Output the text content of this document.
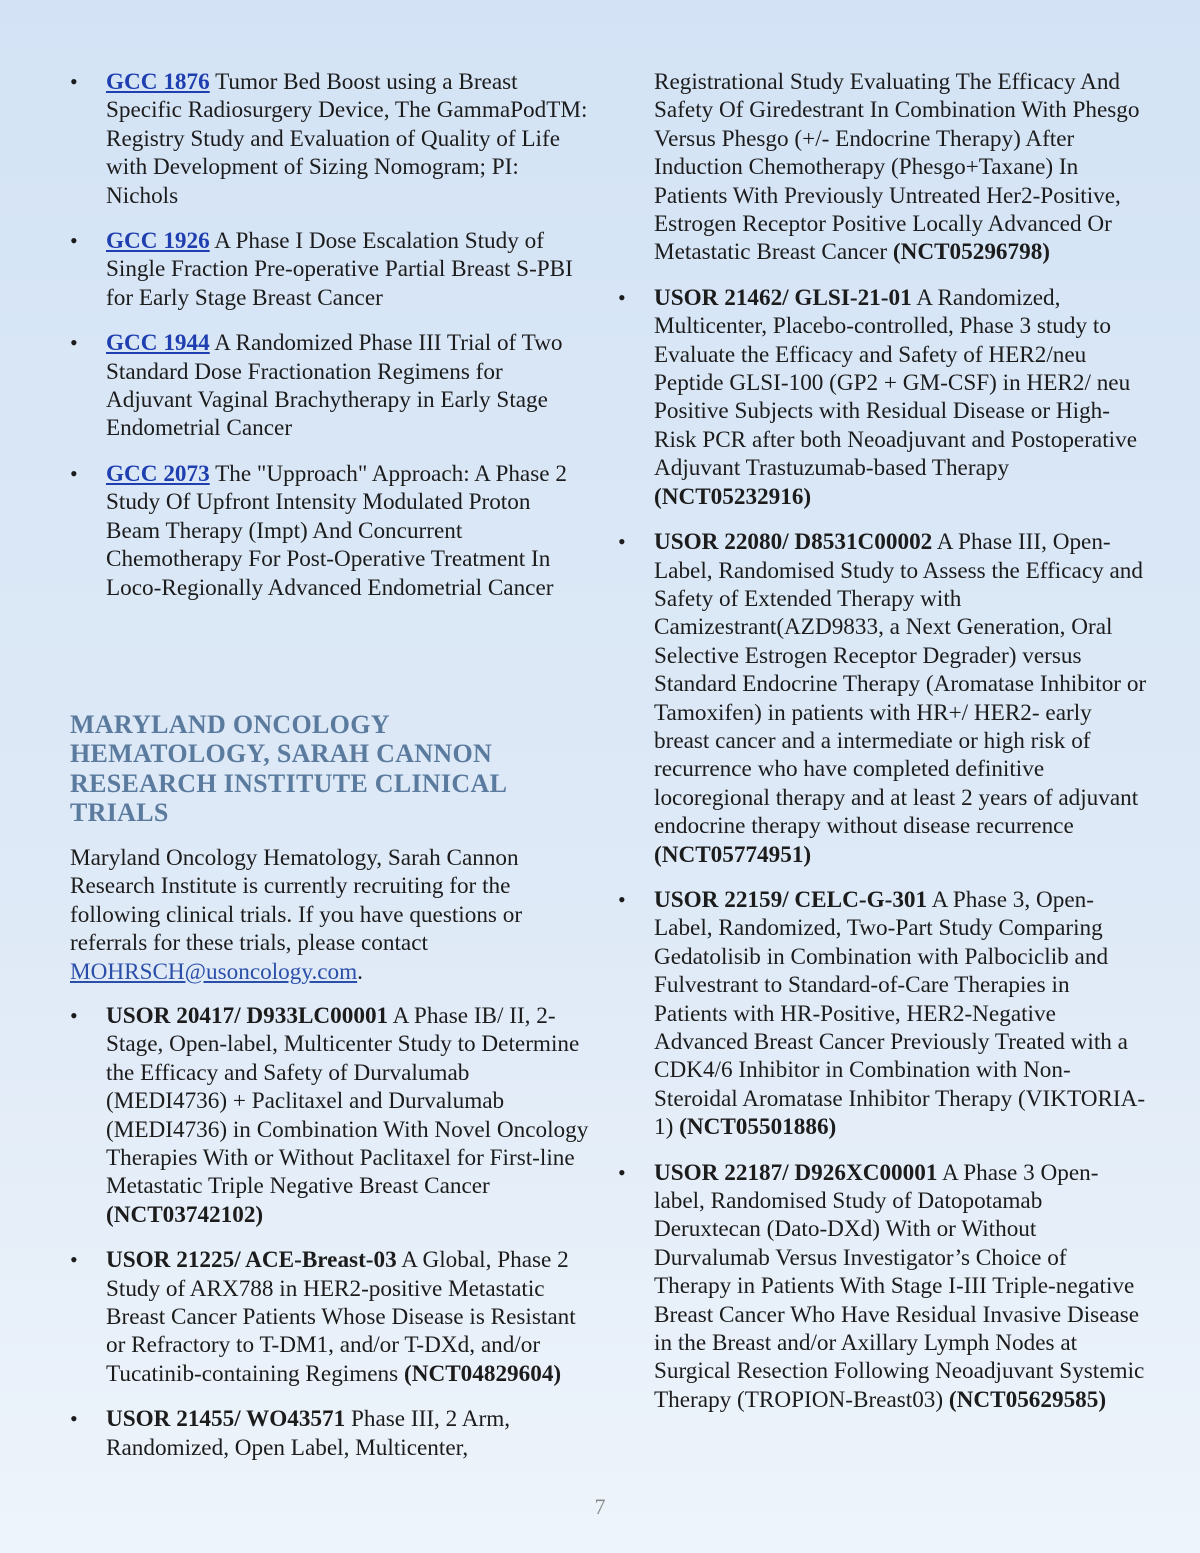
• GCC 1876 Tumor Bed Boost using a Breast Specific Radiosurgery Device, The GammaPodTM: Registry Study and Evaluation of Quality of Life with Development of Sizing Nomogram; PI: Nichols
• GCC 1926 A Phase I Dose Escalation Study of Single Fraction Pre-operative Partial Breast S-PBI for Early Stage Breast Cancer
• GCC 1944 A Randomized Phase III Trial of Two Standard Dose Fractionation Regimens for Adjuvant Vaginal Brachytherapy in Early Stage Endometrial Cancer
• GCC 2073 The "Upproach" Approach: A Phase 2 Study Of Upfront Intensity Modulated Proton Beam Therapy (Impt) And Concurrent Chemotherapy For Post-Operative Treatment In Loco-Regionally Advanced Endometrial Cancer
MARYLAND ONCOLOGY HEMATOLOGY, SARAH CANNON RESEARCH INSTITUTE CLINICAL TRIALS

Maryland Oncology Hematology, Sarah Cannon Research Institute is currently recruiting for the following clinical trials. If you have questions or referrals for these trials, please contact MOHRSCH@usoncology.com.

• USOR 20417/ D933LC00001 A Phase IB/ II, 2-Stage, Open-label, Multicenter Study to Determine the Efficacy and Safety of Durvalumab (MEDI4736) + Paclitaxel and Durvalumab (MEDI4736) in Combination With Novel Oncology Therapies With or Without Paclitaxel for First-line Metastatic Triple Negative Breast Cancer (NCT03742102)
• USOR 21225/ ACE-Breast-03 A Global, Phase 2 Study of ARX788 in HER2-positive Metastatic Breast Cancer Patients Whose Disease is Resistant or Refractory to T-DM1, and/or T-DXd, and/or Tucatinib-containing Regimens (NCT04829604)
• USOR 21455/ WO43571 Phase III, 2 Arm, Randomized, Open Label, Multicenter,
Registrational Study Evaluating The Efficacy And Safety Of Giredestrant In Combination With Phesgo Versus Phesgo (+/- Endocrine Therapy) After Induction Chemotherapy (Phesgo+Taxane) In Patients With Previously Untreated Her2-Positive, Estrogen Receptor Positive Locally Advanced Or Metastatic Breast Cancer (NCT05296798)
• USOR 21462/ GLSI-21-01 A Randomized, Multicenter, Placebo-controlled, Phase 3 study to Evaluate the Efficacy and Safety of HER2/neu Peptide GLSI-100 (GP2 + GM-CSF) in HER2/ neu Positive Subjects with Residual Disease or High-Risk PCR after both Neoadjuvant and Postoperative Adjuvant Trastuzumab-based Therapy (NCT05232916)
• USOR 22080/ D8531C00002 A Phase III, Open-Label, Randomised Study to Assess the Efficacy and Safety of Extended Therapy with Camizestrant(AZD9833, a Next Generation, Oral Selective Estrogen Receptor Degrader) versus Standard Endocrine Therapy (Aromatase Inhibitor or Tamoxifen) in patients with HR+/ HER2- early breast cancer and a intermediate or high risk of recurrence who have completed definitive locoregional therapy and at least 2 years of adjuvant endocrine therapy without disease recurrence (NCT05774951)
• USOR 22159/ CELC-G-301 A Phase 3, Open-Label, Randomized, Two-Part Study Comparing Gedatolisib in Combination with Palbociclib and Fulvestrant to Standard-of-Care Therapies in Patients with HR-Positive, HER2-Negative Advanced Breast Cancer Previously Treated with a CDK4/6 Inhibitor in Combination with Non-Steroidal Aromatase Inhibitor Therapy (VIKTORIA-1) (NCT05501886)
• USOR 22187/ D926XC00001 A Phase 3 Open-label, Randomised Study of Datopotamab Deruxtecan (Dato-DXd) With or Without Durvalumab Versus Investigator’s Choice of Therapy in Patients With Stage I-III Triple-negative Breast Cancer Who Have Residual Invasive Disease in the Breast and/or Axillary Lymph Nodes at Surgical Resection Following Neoadjuvant Systemic Therapy (TROPION-Breast03) (NCT05629585)
7
